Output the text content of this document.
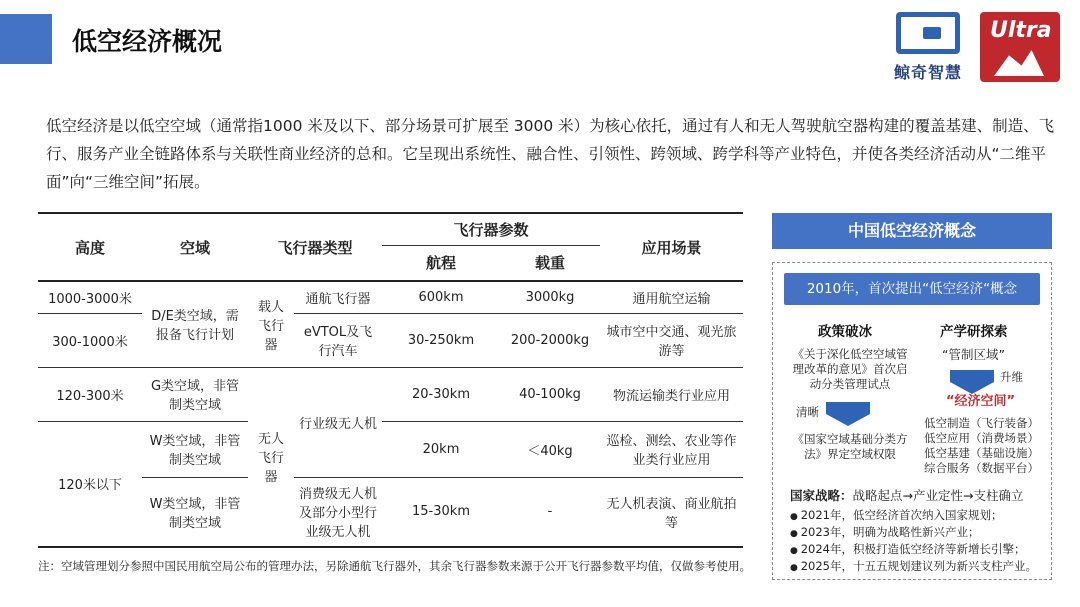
低空经济概况
鲸奇智慧
Ultra
低空经济是以低空空域（通常指1000 米及以下、部分场景可扩展至 3000 米）为核心依托，通过有人和无人驾驶航空器构建的覆盖基建、制造、飞行、服务产业全链路体系与关联性商业经济的总和。它呈现出系统性、融合性、引领性、跨领域、跨学科等产业特色，并使各类经济活动从“二维平面”向“三维空间”拓展。
高度	空域	飞行器类型		飞行器参数		应用场景
				航程	载重	
1000-3000米	D/E类空域，需报备飞行计划	载人飞行器	通航飞行器	600km	3000kg	通用航空运输
300-1000米			eVTOL及飞行汽车	30-250km	200-2000kg	城市空中交通、观光旅游等
120-300米	G类空域，非管制类空域	无人飞行器	行业级无人机	20-30km	40-100kg	物流运输类行业应用
120米以下	W类空域，非管制类空域			20km	＜40kg	巡检、测绘、农业等作业类行业应用
	W类空域，非管制类空域		消费级无人机及部分小型行业级无人机	15-30km	-	无人机表演、商业航拍等
注：空域管理划分参照中国民用航空局公布的管理办法，另除通航飞行器外，其余飞行器参数来源于公开飞行器参数平均值，仅做参考使用。
中国低空经济概念
2010年，首次提出“低空经济“概念
政策破冰
《关于深化低空空域管理改革的意见》首次启动分类管理试点
清晰
《国家空域基础分类方法》界定空域权限
产学研探索
“管制区域”
升维
“经济空间”
低空制造（飞行装备）
低空应用（消费场景）
低空基建（基础设施）
综合服务（数据平台）
国家战略：战略起点→产业定性→支柱确立
● 2021年，低空经济首次纳入国家规划；
● 2023年，明确为战略性新兴产业；
● 2024年，积极打造低空经济等新增长引擎；
● 2025年，十五五规划建议列为新兴支柱产业。
